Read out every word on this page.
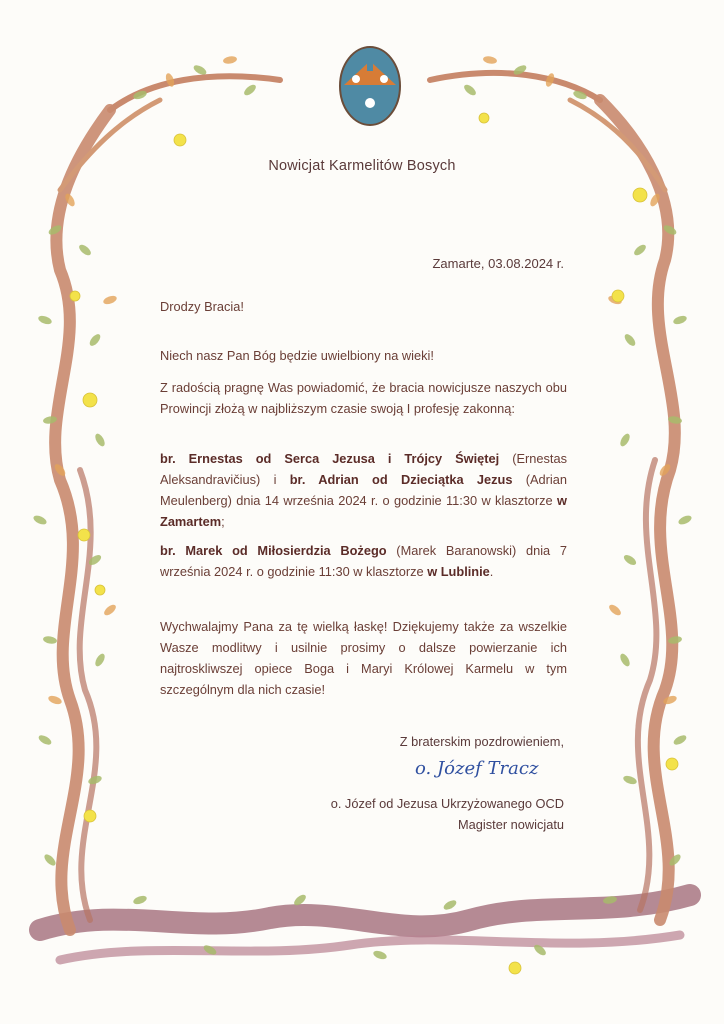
Nowicjat Karmelitów Bosych
Zamarte, 03.08.2024 r.
Drodzy Bracia!
Niech nasz Pan Bóg będzie uwielbiony na wieki!
Z radością pragnę Was powiadomić, że bracia nowicjusze naszych obu Prowincji złożą w najbliższym czasie swoją I profesję zakonną:
br. Ernestas od Serca Jezusa i Trójcy Świętej (Ernestas Aleksandravičius) i br. Adrian od Dzieciątka Jezus (Adrian Meulenberg) dnia 14 września 2024 r. o godzinie 11:30 w klasztorze w Zamartem;
br. Marek od Miłosierdzia Bożego (Marek Baranowski) dnia 7 września 2024 r. o godzinie 11:30 w klasztorze w Lublinie.
Wychwalajmy Pana za tę wielką łaskę! Dziękujemy także za wszelkie Wasze modlitwy i usilnie prosimy o dalsze powierzanie ich najtroskliwszej opiece Boga i Maryi Królowej Karmelu w tym szczególnym dla nich czasie!
Z braterskim pozdrowieniem,
o. Józef Tracz
o. Józef od Jezusa Ukrzyżowanego OCD
Magister nowicjatu
